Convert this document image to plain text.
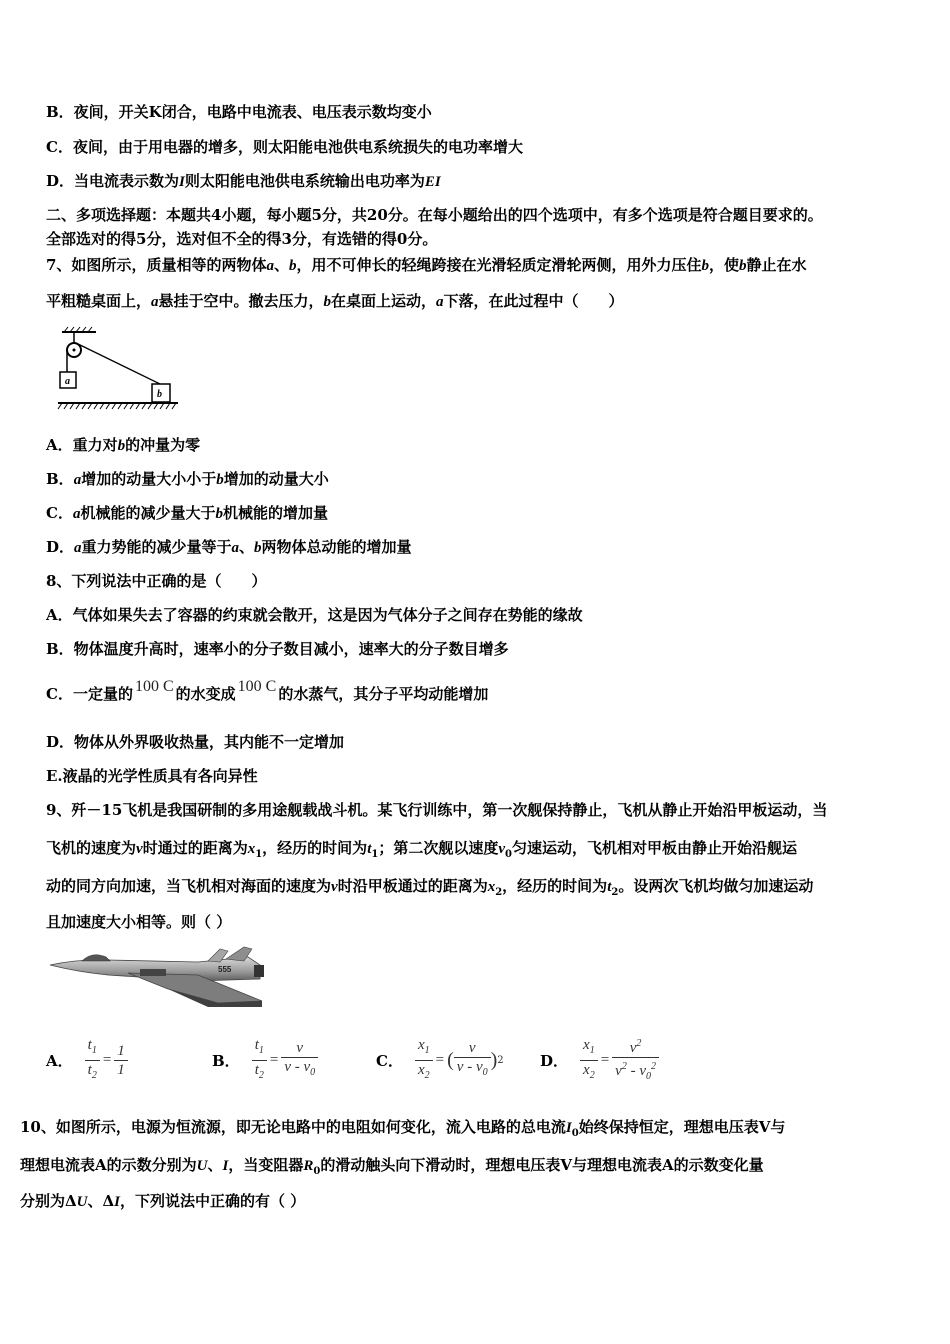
B．夜间，开关K闭合，电路中电流表、电压表示数均变小
C．夜间，由于用电器的增多，则太阳能电池供电系统损失的电功率增大
D．当电流表示数为I则太阳能电池供电系统输出电功率为EI
二、多项选择题：本题共4小题，每小题5分，共20分。在每小题给出的四个选项中，有多个选项是符合题目要求的。
全部选对的得5分，选对但不全的得3分，有选错的得0分。
7、如图所示，质量相等的两物体a、b，用不可伸长的轻绳跨接在光滑轻质定滑轮两侧，用外力压住b，使b静止在水
平粗糙桌面上，a悬挂于空中。撤去压力，b在桌面上运动，a下落，在此过程中（　　）
a
b
A．重力对b的冲量为零
B．a增加的动量大小小于b增加的动量大小
C．a机械能的减少量大于b机械能的增加量
D．a重力势能的减少量等于a、b两物体总动能的增加量
8、下列说法中正确的是（　　）
A．气体如果失去了容器的约束就会散开，这是因为气体分子之间存在势能的缘故
B．物体温度升高时，速率小的分子数目减小，速率大的分子数目增多
C．一定量的 100 C 的水变成 100 C 的水蒸气，其分子平均动能增加
D．物体从外界吸收热量，其内能不一定增加
E.液晶的光学性质具有各向异性
9、歼－15飞机是我国研制的多用途舰载战斗机。某飞行训练中，第一次舰保持静止，飞机从静止开始沿甲板运动，当
飞机的速度为v时通过的距离为$x_1$，经历的时间为$t_1$；第二次舰以速度$v_0$匀速运动，飞机相对甲板由静止开始沿舰运
动的同方向加速，当飞机相对海面的速度为v时沿甲板通过的距离为$x_2$，经历的时间为$t_2$。设两次飞机均做匀加速运动
且加速度大小相等。则（ ）
555
A． $\frac{t_1}{t_2} = \frac{1}{1}$	B． $\frac{t_1}{t_2} = \frac{v}{v - v_0}$	C． $\frac{x_1}{x_2}$ = ( $\frac{v}{v - v_0}$ ) 2 D． $\frac{x_1}{x_2} = \frac{v^2}{v^2 - v_0^2}$
10、如图所示，电源为恒流源，即无论电路中的电阻如何变化，流入电路的总电流$I_0$始终保持恒定，理想电压表V与
理想电流表A的示数分别为U、I，当变阻器$R_0$的滑动触头向下滑动时，理想电压表V与理想电流表A的示数变化量
分别为ΔU、ΔI，下列说法中正确的有（ ）
